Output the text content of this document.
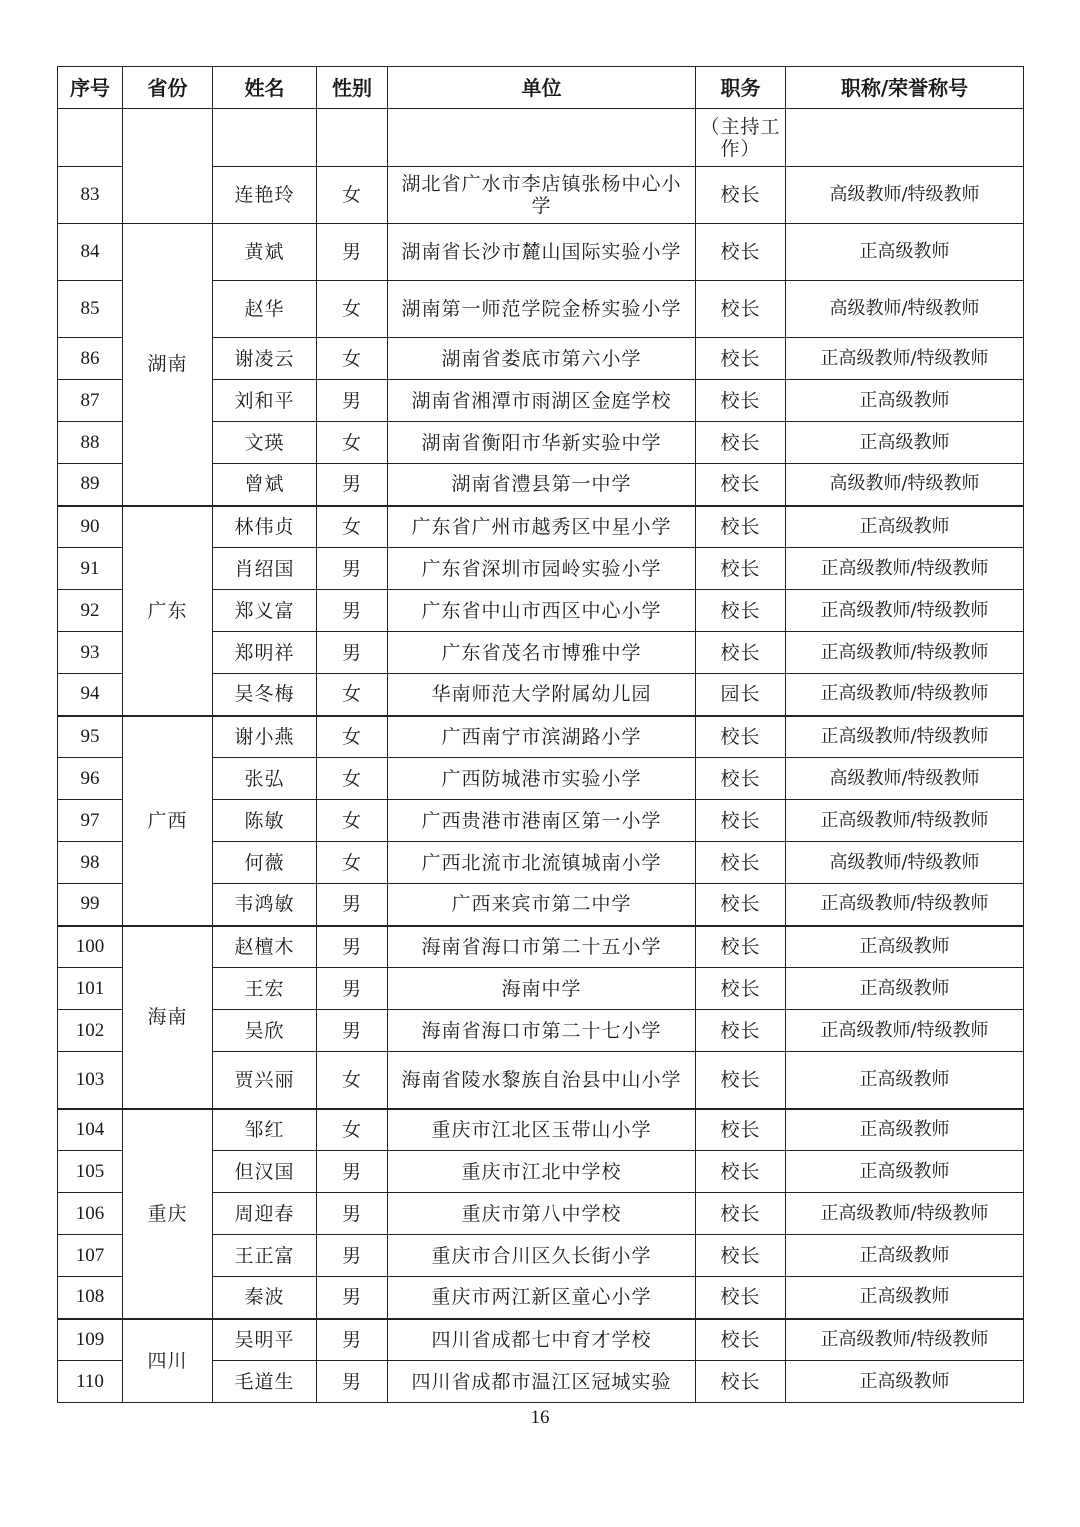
序号	省份	姓名	性别	单位	职务	职称/荣誉称号
					（主持工作）	
83		连艳玲	女	湖北省广水市李店镇张杨中心小学	校长	高级教师/特级教师
84	湖南	黄斌	男	湖南省长沙市麓山国际实验小学	校长	正高级教师
85		赵华	女	湖南第一师范学院金桥实验小学	校长	高级教师/特级教师
86		谢凌云	女	湖南省娄底市第六小学	校长	正高级教师/特级教师
87		刘和平	男	湖南省湘潭市雨湖区金庭学校	校长	正高级教师
88		文瑛	女	湖南省衡阳市华新实验中学	校长	正高级教师
89		曾斌	男	湖南省澧县第一中学	校长	高级教师/特级教师
90	广东	林伟贞	女	广东省广州市越秀区中星小学	校长	正高级教师
91		肖绍国	男	广东省深圳市园岭实验小学	校长	正高级教师/特级教师
92		郑义富	男	广东省中山市西区中心小学	校长	正高级教师/特级教师
93		郑明祥	男	广东省茂名市博雅中学	校长	正高级教师/特级教师
94		吴冬梅	女	华南师范大学附属幼儿园	园长	正高级教师/特级教师
95	广西	谢小燕	女	广西南宁市滨湖路小学	校长	正高级教师/特级教师
96		张弘	女	广西防城港市实验小学	校长	高级教师/特级教师
97		陈敏	女	广西贵港市港南区第一小学	校长	正高级教师/特级教师
98		何薇	女	广西北流市北流镇城南小学	校长	高级教师/特级教师
99		韦鸿敏	男	广西来宾市第二中学	校长	正高级教师/特级教师
100	海南	赵檀木	男	海南省海口市第二十五小学	校长	正高级教师
101		王宏	男	海南中学	校长	正高级教师
102		吴欣	男	海南省海口市第二十七小学	校长	正高级教师/特级教师
103		贾兴丽	女	海南省陵水黎族自治县中山小学	校长	正高级教师
104	重庆	邹红	女	重庆市江北区玉带山小学	校长	正高级教师
105		但汉国	男	重庆市江北中学校	校长	正高级教师
106		周迎春	男	重庆市第八中学校	校长	正高级教师/特级教师
107		王正富	男	重庆市合川区久长街小学	校长	正高级教师
108		秦波	男	重庆市两江新区童心小学	校长	正高级教师
109	四川	吴明平	男	四川省成都七中育才学校	校长	正高级教师/特级教师
110		毛道生	男	四川省成都市温江区冠城实验	校长	正高级教师
16
